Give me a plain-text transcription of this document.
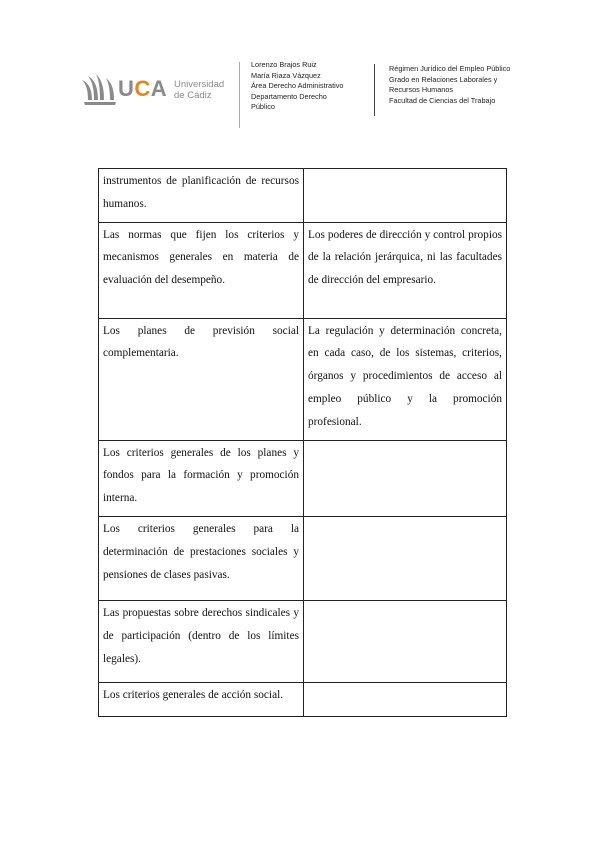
UCA Universidad
de Cádiz
Lorenzo Brajos Ruiz
María Riaza Vázquez
Área Derecho Administrativo
Departamento Derecho
Público
Régimen Jurídico del Empleo Público
Grado en Relaciones Laborales y
Recursos Humanos
Facultad de Ciencias del Trabajo
instrumentos de planificación de recursos humanos.	
Las normas que fijen los criterios y mecanismos generales en materia de evaluación del desempeño.	Los poderes de dirección y control propios de la relación jerárquica, ni las facultades de dirección del empresario.
Los planes de previsión social complementaria.	La regulación y determinación concreta, en cada caso, de los sistemas, criterios, órganos y procedimientos de acceso al empleo público y la promoción profesional.
Los criterios generales de los planes y fondos para la formación y promoción interna.	
Los criterios generales para la determinación de prestaciones sociales y pensiones de clases pasivas.	
Las propuestas sobre derechos sindicales y de participación (dentro de los límites legales).	
Los criterios generales de acción social.	
